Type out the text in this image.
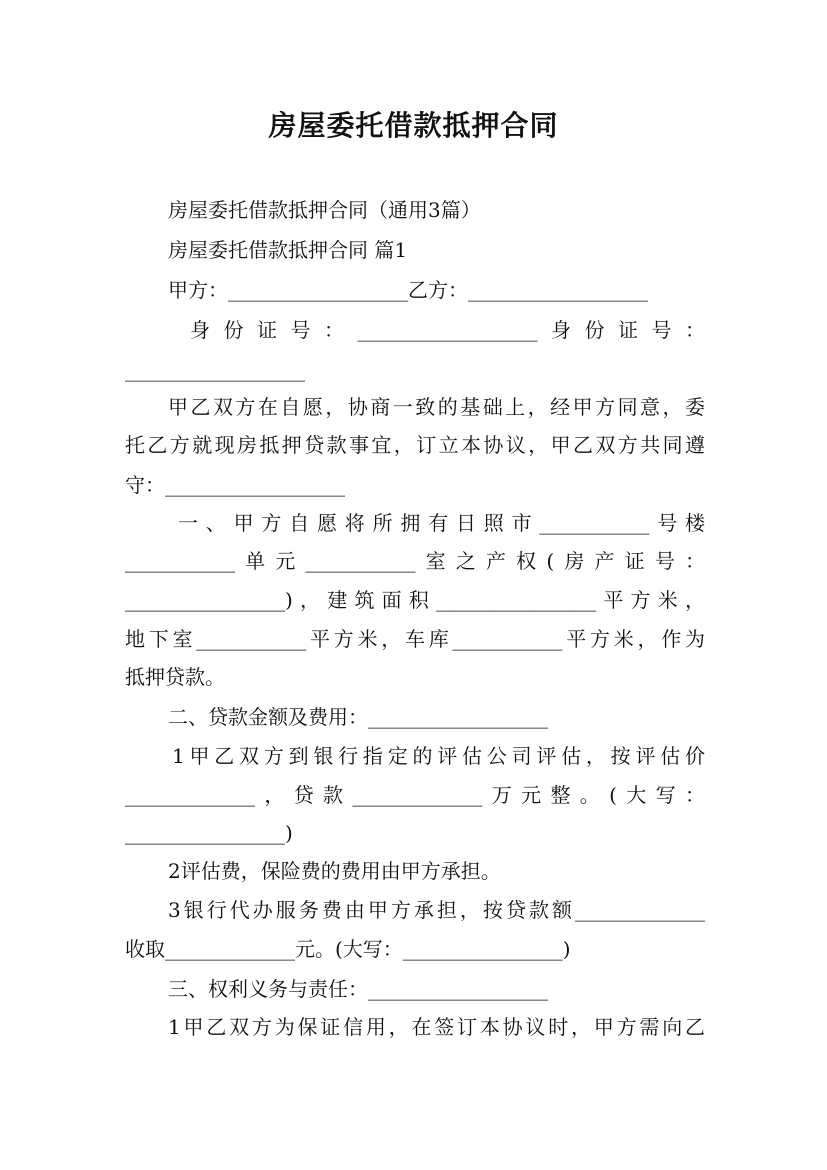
房屋委托借款抵押合同
房屋委托借款抵押合同（通用3篇）
房屋委托借款抵押合同 篇1
甲方：__________________乙方：__________________
身份证号：__________________身份证号：
__________________
甲乙双方在自愿，协商一致的基础上，经甲方同意，委
托乙方就现房抵押贷款事宜，订立本协议，甲乙双方共同遵
守：__________________
一、甲方自愿将所拥有日照市___________号楼
___________单元___________室之产权(房产证号：
________________)，建筑面积________________平方米，
地下室___________平方米，车库___________平方米，作为
抵押贷款。
二、贷款金额及费用：__________________
1甲乙双方到银行指定的评估公司评估，按评估价
_____________，贷款_____________万元整。(大写：
________________)
2评估费，保险费的费用由甲方承担。
3银行代办服务费由甲方承担，按贷款额_____________
收取_____________元。(大写：________________)
三、权利义务与责任：__________________
1甲乙双方为保证信用，在签订本协议时，甲方需向乙
